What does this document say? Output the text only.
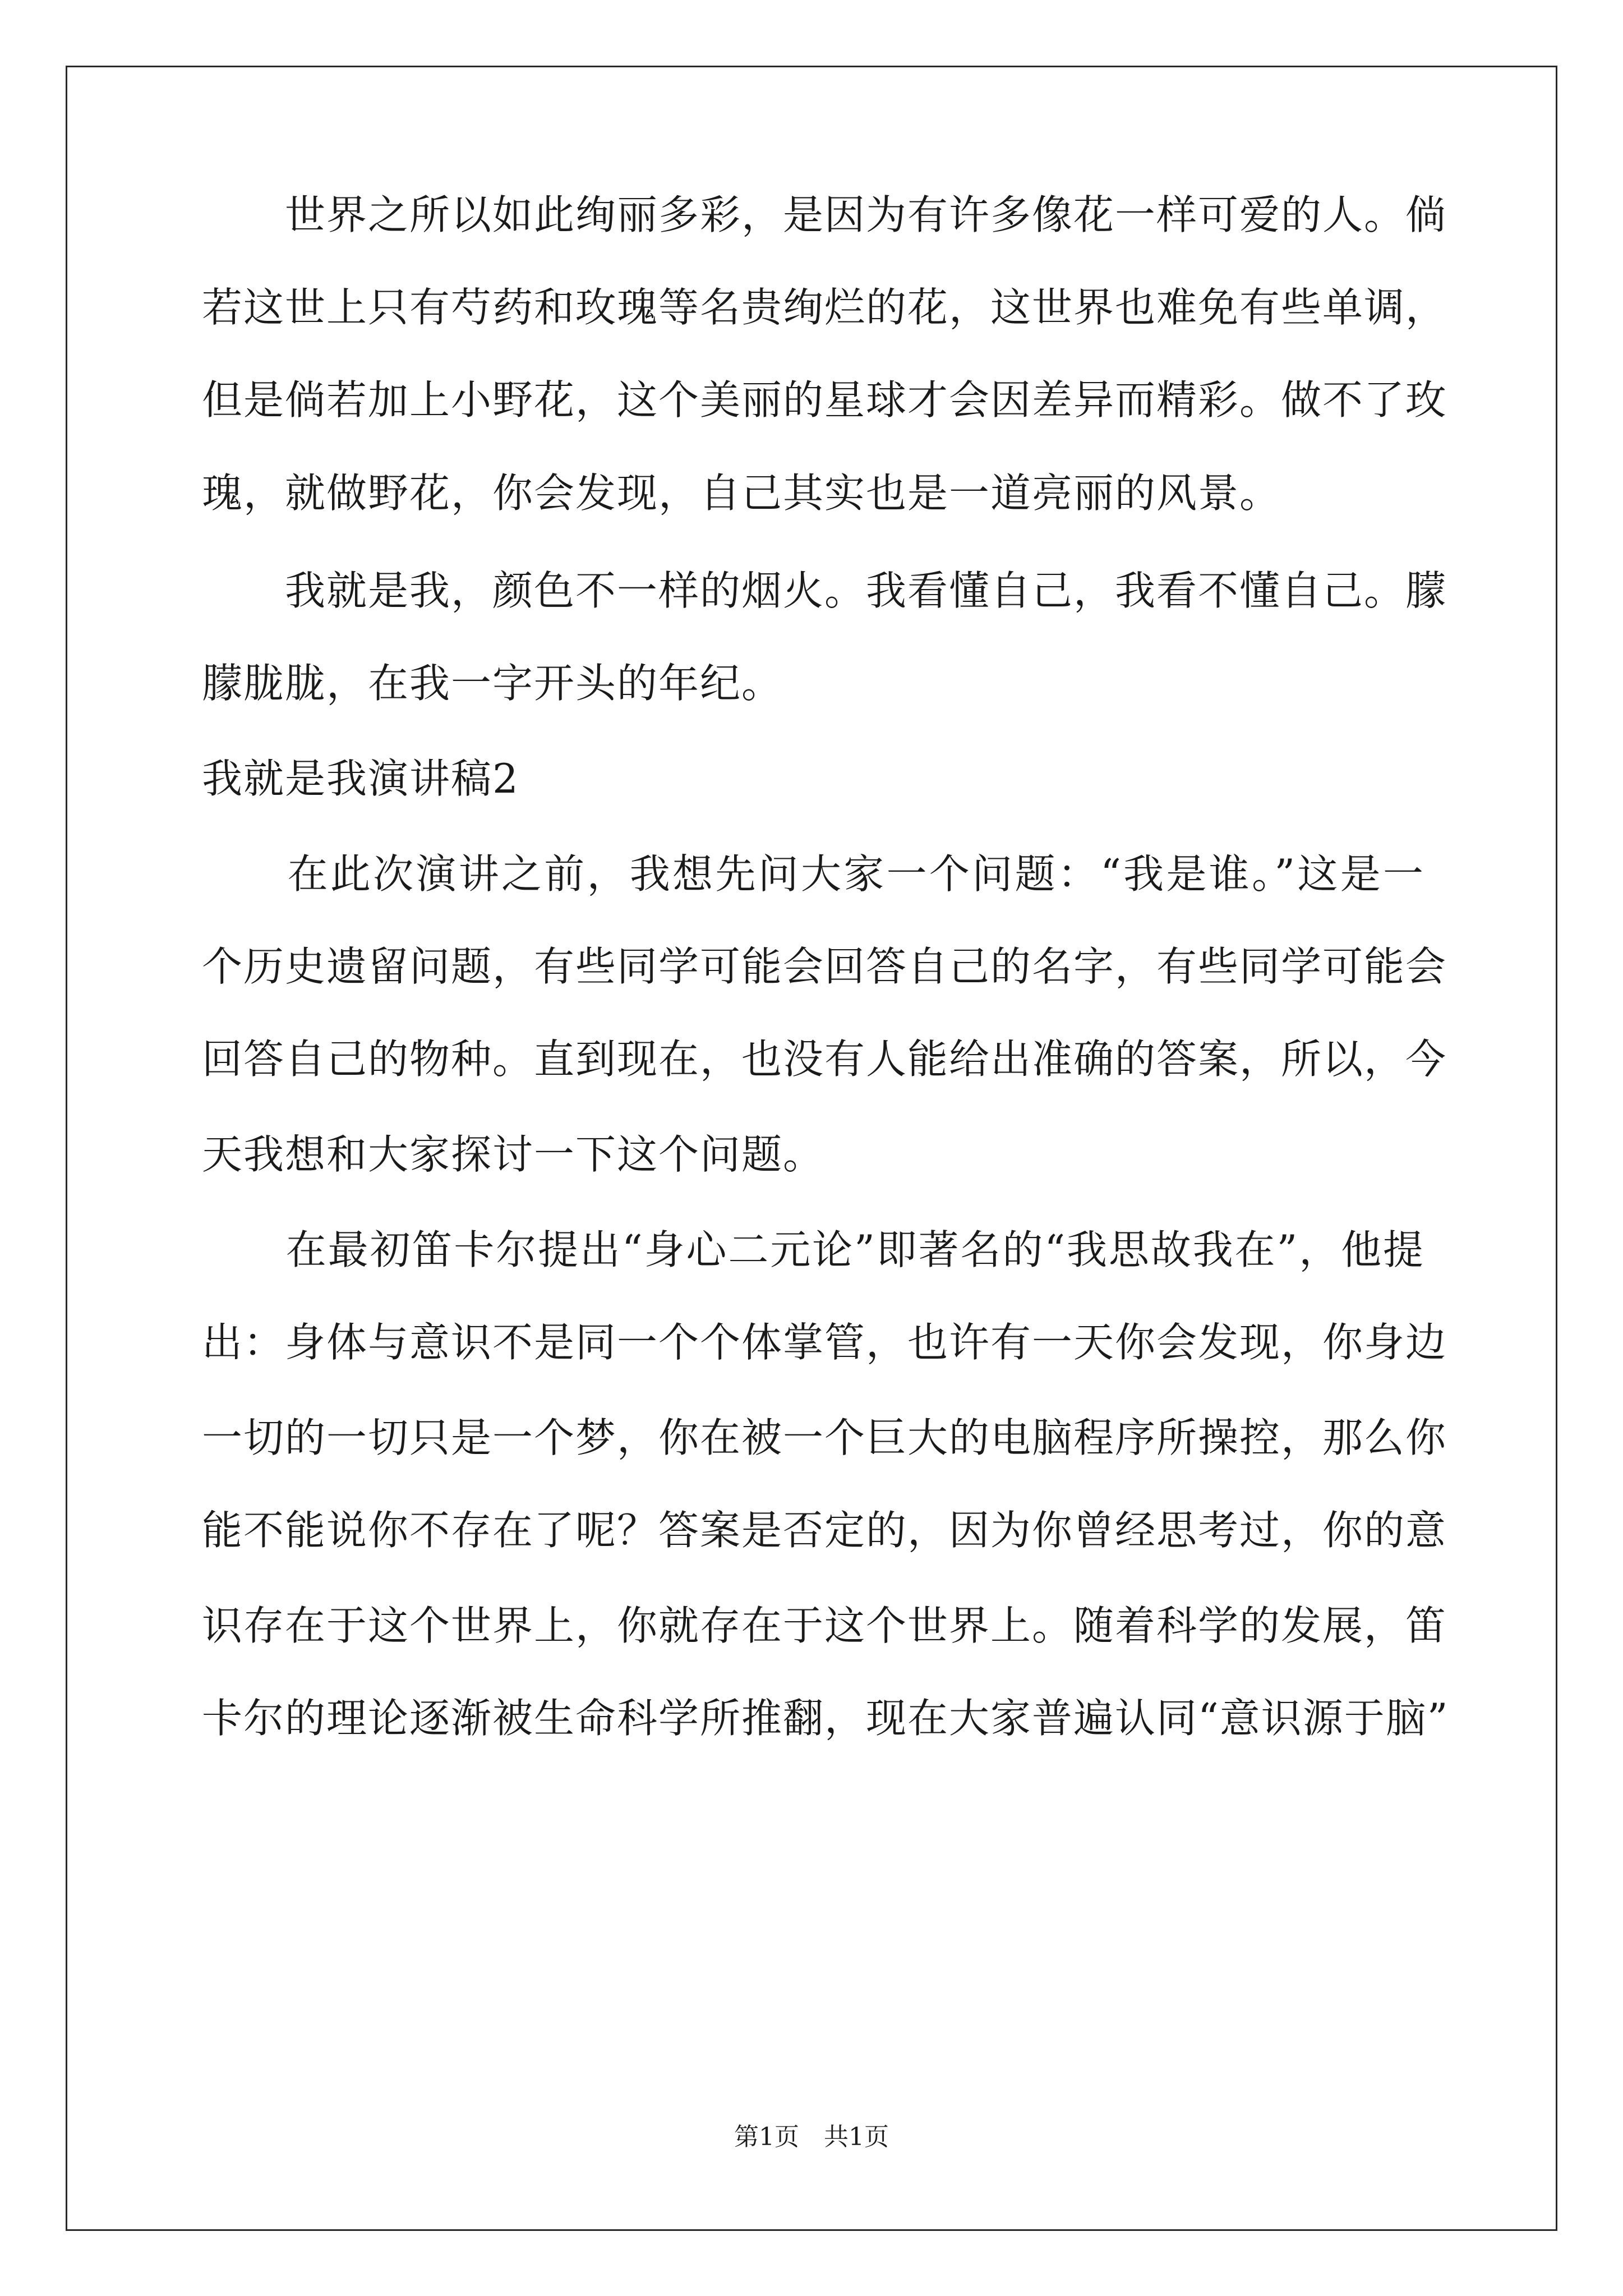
　　世界之所以如此绚丽多彩，是因为有许多像花一样可爱的人。倘
若这世上只有芍药和玫瑰等名贵绚烂的花，这世界也难免有些单调，
但是倘若加上小野花，这个美丽的星球才会因差异而精彩。做不了玫
瑰，就做野花，你会发现，自己其实也是一道亮丽的风景。
　　我就是我，颜色不一样的烟火。我看懂自己，我看不懂自己。朦
朦胧胧，在我一字开头的年纪。
我就是我演讲稿2
　　在此次演讲之前，我想先问大家一个问题：“我是谁。”这是一
个历史遗留问题，有些同学可能会回答自己的名字，有些同学可能会
回答自己的物种。直到现在，也没有人能给出准确的答案，所以，今
天我想和大家探讨一下这个问题。
　　在最初笛卡尔提出“身心二元论”即著名的“我思故我在”，他提
出：身体与意识不是同一个个体掌管，也许有一天你会发现，你身边
一切的一切只是一个梦，你在被一个巨大的电脑程序所操控，那么你
能不能说你不存在了呢？答案是否定的，因为你曾经思考过，你的意
识存在于这个世界上，你就存在于这个世界上。随着科学的发展，笛
卡尔的理论逐渐被生命科学所推翻，现在大家普遍认同“意识源于脑”
第1页　共1页
